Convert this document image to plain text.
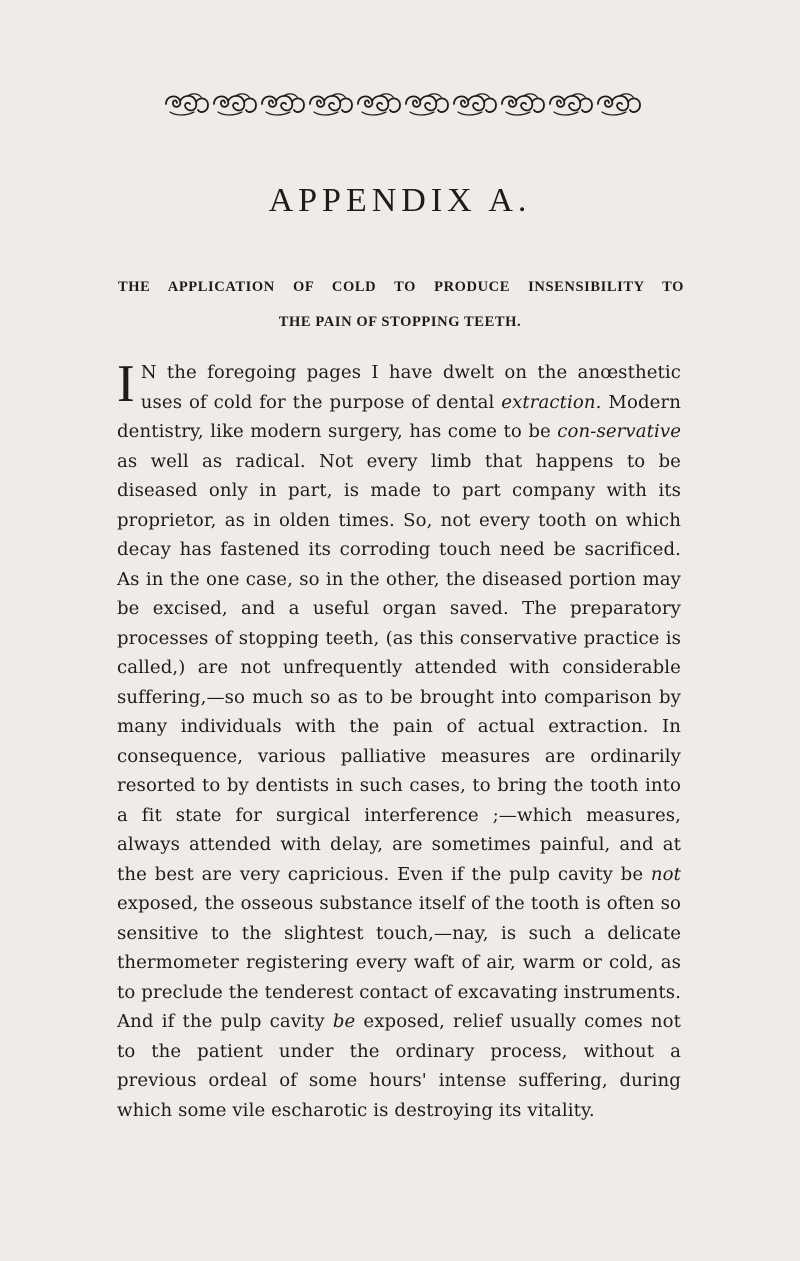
APPENDIX A.

THE APPLICATION OF COLD TO PRODUCE INSENSIBILITY TO

THE PAIN OF STOPPING TEETH.

I N the foregoing pages I have dwelt on the anœsthetic uses of cold for the purpose of dental extraction. Modern dentistry, like modern surgery, has come to be con-servative as well as radical. Not every limb that happens to be diseased only in part, is made to part company with its proprietor, as in olden times. So, not every tooth on which decay has fastened its corroding touch need be sacrificed. As in the one case, so in the other, the diseased portion may be excised, and a useful organ saved. The preparatory processes of stopping teeth, (as this conservative practice is called,) are not unfrequently attended with considerable suffering,—so much so as to be brought into comparison by many individuals with the pain of actual extraction. In consequence, various palliative measures are ordinarily resorted to by dentists in such cases, to bring the tooth into a fit state for surgical interference ;—which measures, always attended with delay, are sometimes painful, and at the best are very capricious. Even if the pulp cavity be not exposed, the osseous substance itself of the tooth is often so sensitive to the slightest touch,—nay, is such a delicate thermometer registering every waft of air, warm or cold, as to preclude the tenderest contact of excavating instruments. And if the pulp cavity be exposed, relief usually comes not to the patient under the ordinary process, without a previous ordeal of some hours' intense suffering, during which some vile escharotic is destroying its vitality.
